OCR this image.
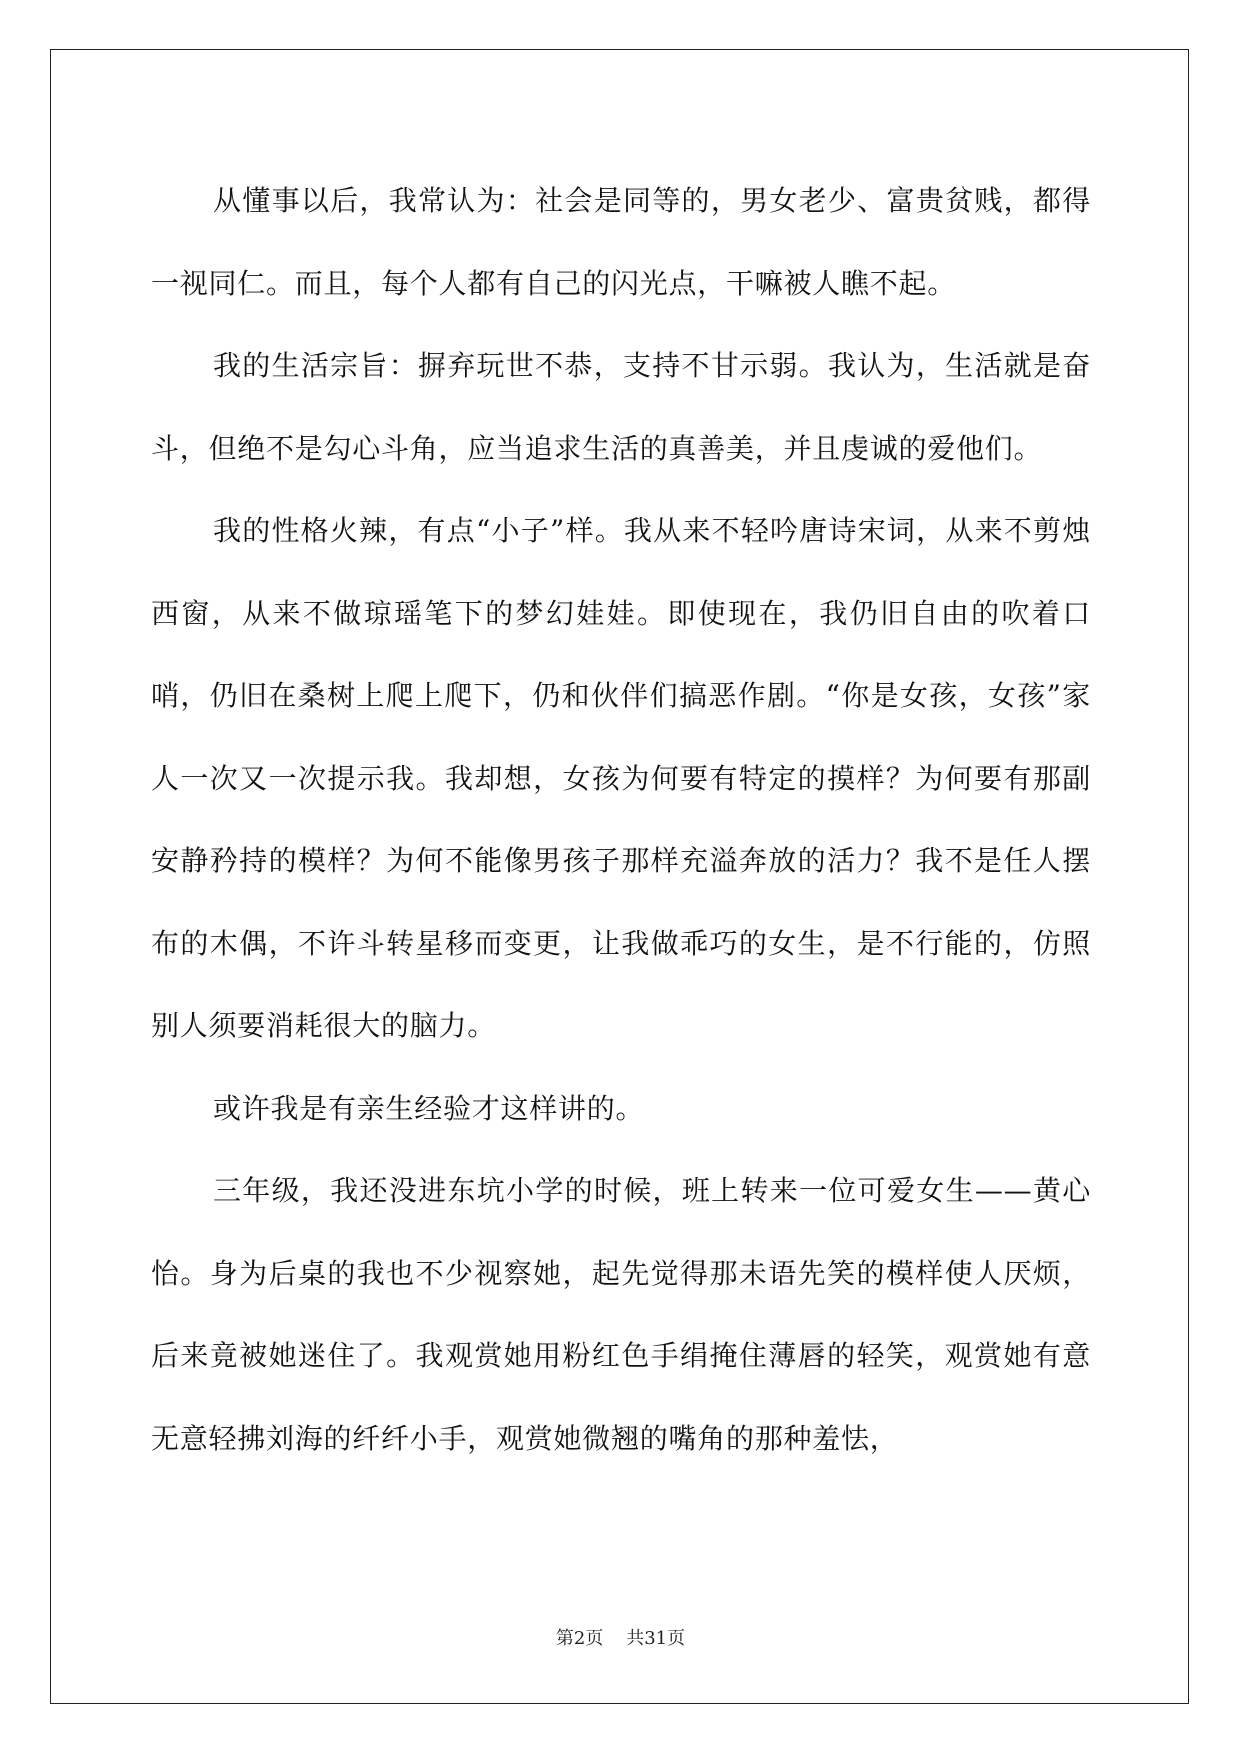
从懂事以后，我常认为：社会是同等的，男女老少、富贵贫贱，都得一视同仁。而且，每个人都有自己的闪光点，干嘛被人瞧不起。

我的生活宗旨：摒弃玩世不恭，支持不甘示弱。我认为，生活就是奋斗，但绝不是勾心斗角，应当追求生活的真善美，并且虔诚的爱他们。

我的性格火辣，有点“小子”样。我从来不轻吟唐诗宋词，从来不剪烛西窗，从来不做琼瑶笔下的梦幻娃娃。即使现在，我仍旧自由的吹着口哨，仍旧在桑树上爬上爬下，仍和伙伴们搞恶作剧。“你是女孩，女孩”家人一次又一次提示我。我却想，女孩为何要有特定的摸样？为何要有那副安静矜持的模样？为何不能像男孩子那样充溢奔放的活力？我不是任人摆布的木偶，不许斗转星移而变更，让我做乖巧的女生，是不行能的，仿照别人须要消耗很大的脑力。

或许我是有亲生经验才这样讲的。

三年级，我还没进东坑小学的时候，班上转来一位可爱女生——黄心怡。身为后桌的我也不少视察她，起先觉得那未语先笑的模样使人厌烦，后来竟被她迷住了。我观赏她用粉红色手绢掩住薄唇的轻笑，观赏她有意无意轻拂刘海的纤纤小手，观赏她微翘的嘴角的那种羞怯，

第2页 共31页
